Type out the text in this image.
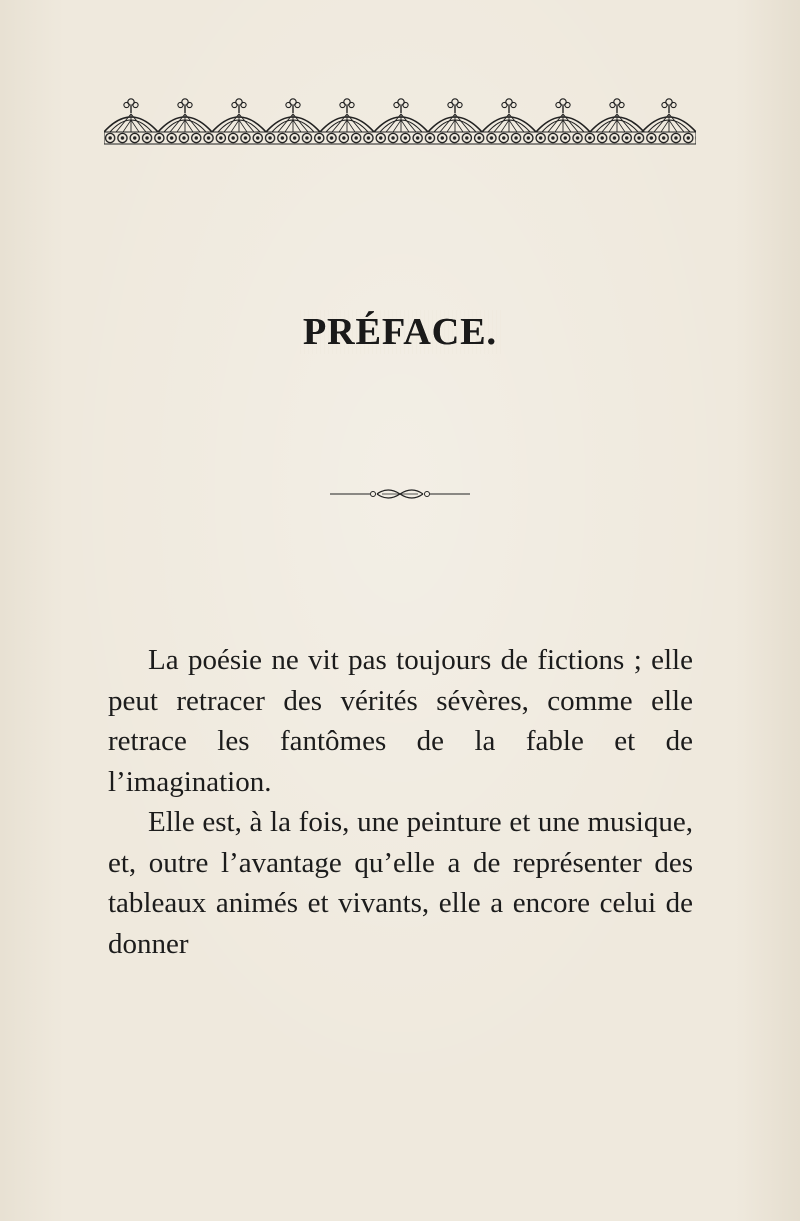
⠀
PRÉFACE.

La poésie ne vit pas toujours de fictions ; elle peut retracer des vérités sévères, comme elle retrace les fantômes de la fable et de l’imagination.

Elle est, à la fois, une peinture et une musique, et, outre l’avantage qu’elle a de représenter des tableaux animés et vivants, elle a encore celui de donner
